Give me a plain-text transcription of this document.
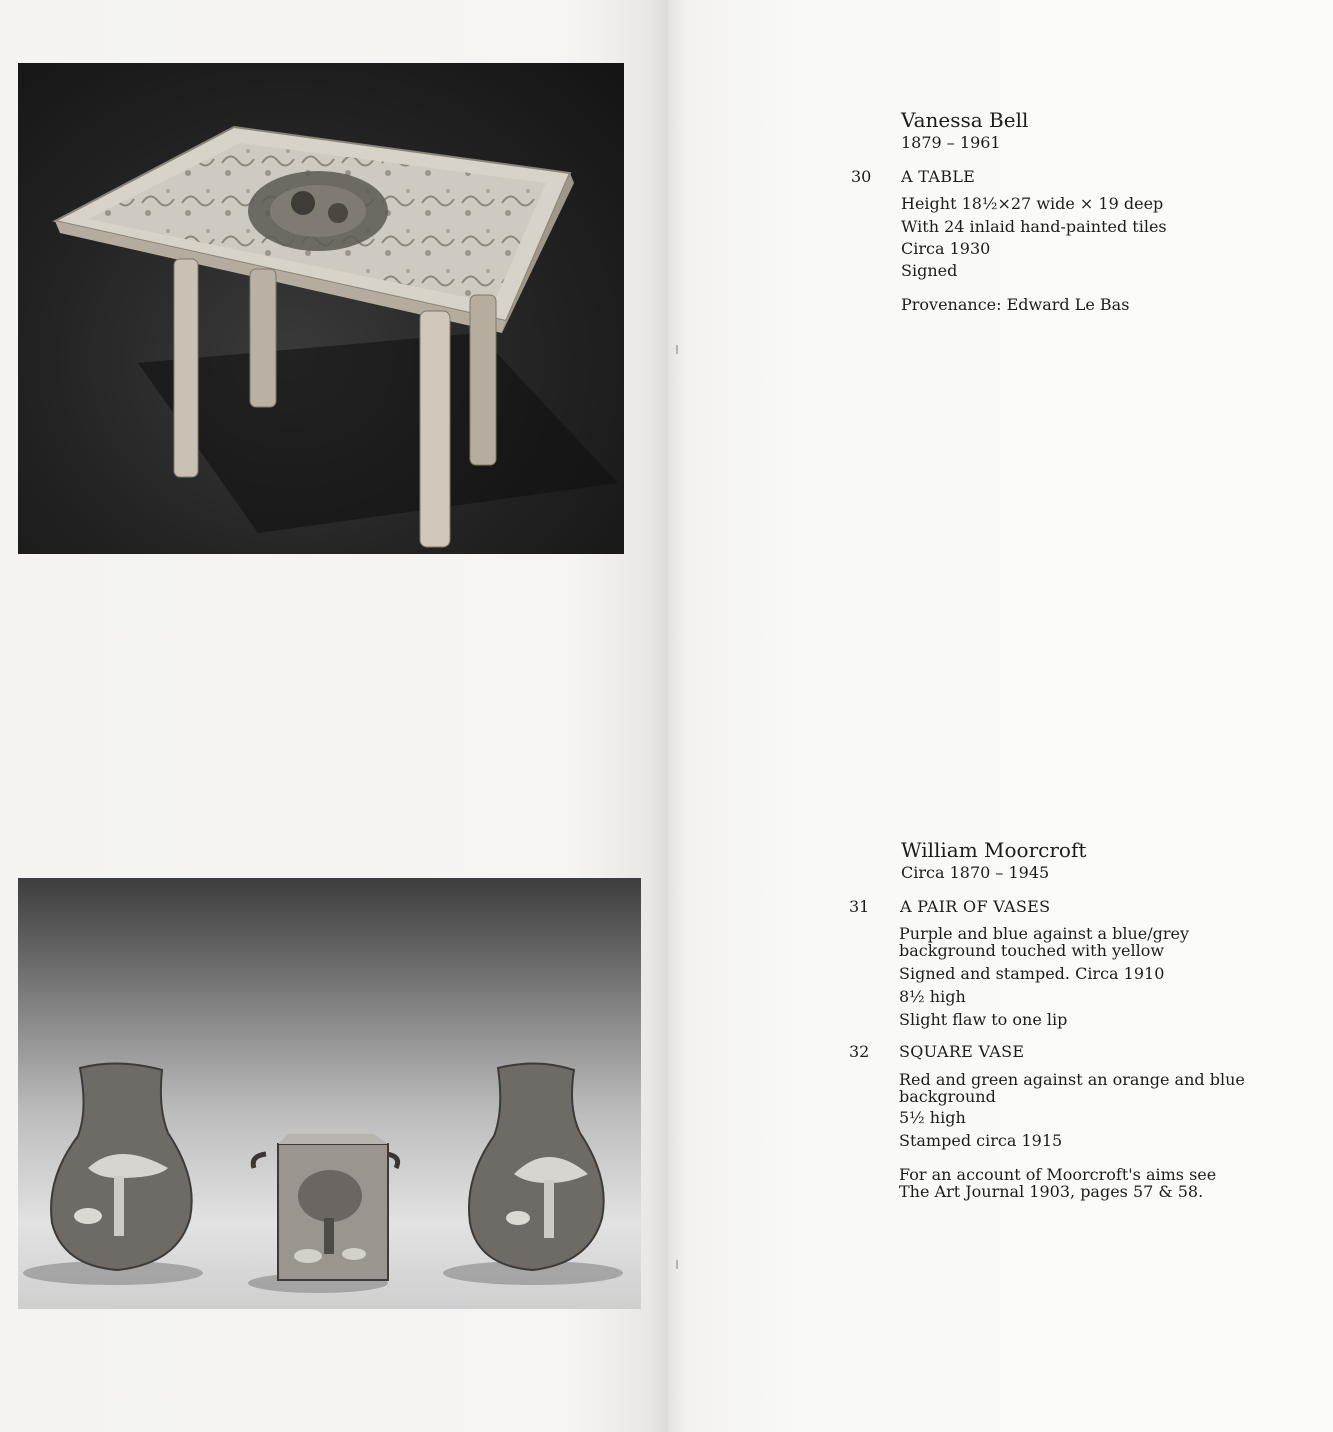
Vanessa Bell
1879 – 1961
30 A TABLE
Height 18½×27 wide × 19 deep
With 24 inlaid hand-painted tiles
Circa 1930
Signed
Provenance: Edward Le Bas
William Moorcroft
Circa 1870 – 1945
31 A PAIR OF VASES
Purple and blue against a blue/grey
background touched with yellow
Signed and stamped. Circa 1910
8½ high
Slight flaw to one lip
32 SQUARE VASE
Red and green against an orange and blue
background
5½ high
Stamped circa 1915
For an account of Moorcroft's aims see
The Art Journal 1903, pages 57 & 58.
